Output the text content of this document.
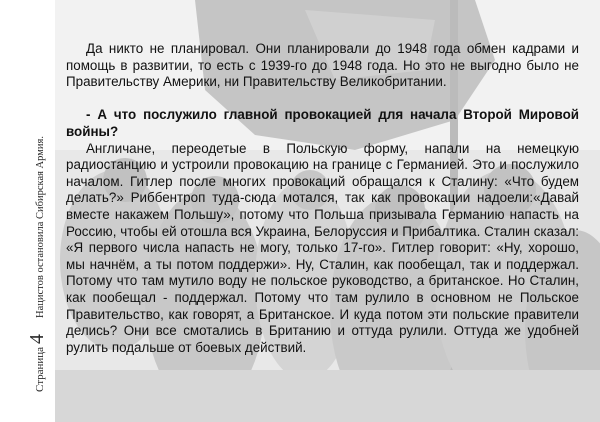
Страница
4
Нацистов остановила Сибирская Армия.

Да никто не планировал. Они планировали до 1948 года обмен кадрами и помощь в развитии, то есть с 1939-го до 1948 года. Но это не выгодно было не Правительству Америки, ни Правительству Великобритании.

- А что послужило главной провокацией для начала Второй Мировой войны?

Англичане, переодетые в Польскую форму, напали на немецкую радиостанцию и устроили провокацию на границе с Германией. Это и послужило началом. Гитлер после многих провокаций обращался к Сталину: «Что будем делать?» Риббентроп туда-сюда мотался, так как провокации надоели:«Давай вместе накажем Польшу», потому что Польша призывала Германию напасть на Россию, чтобы ей отошла вся Украина, Белоруссия и Прибалтика. Сталин сказал: «Я первого числа напасть не могу, только 17-го». Гитлер говорит: «Ну, хорошо, мы начнём, а ты потом поддержи». Ну, Сталин, как пообещал, так и поддержал. Потому что там мутило воду не польское руководство, а британское. Но Сталин, как пообещал - поддержал. Потому что там рулило в основном не Польское Правительство, как говорят, а Британское. И куда потом эти польские правители делись? Они все смотались в Британию и оттуда рулили. Оттуда же удобней рулить подальше от боевых действий.
